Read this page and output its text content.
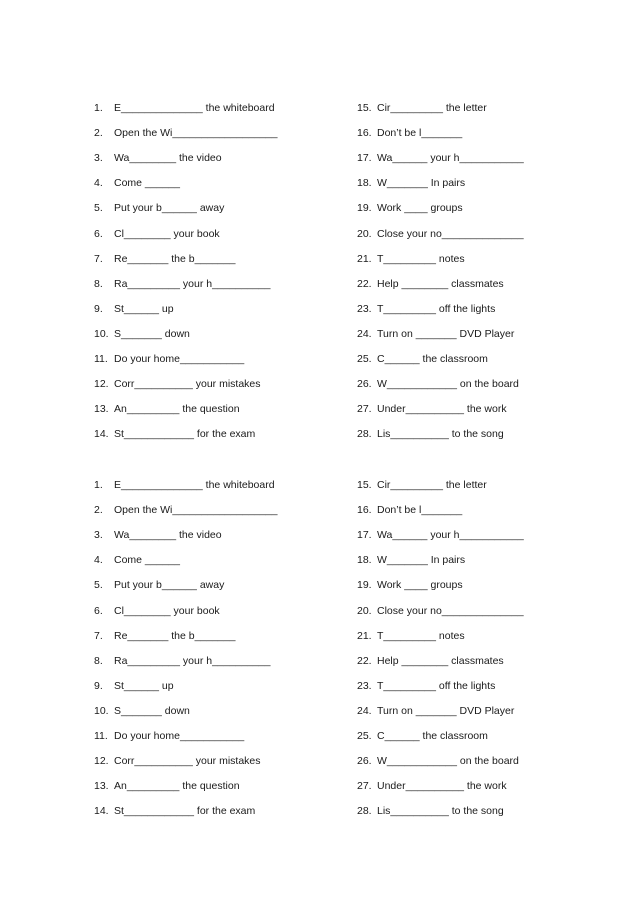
1. E______________ the whiteboard
2. Open the Wi__________________
3. Wa________ the video
4. Come ______
5. Put your b______ away
6. Cl________ your book
7. Re_______ the b_______
8. Ra_________ your h__________
9. St______ up
10. S_______ down
11. Do your home___________
12. Corr__________ your mistakes
13. An_________ the question
14. St____________ for the exam
15. Cir_________ the letter
16. Don’t be l_______
17. Wa______ your h___________
18. W_______ In pairs
19. Work ____ groups
20. Close your no______________
21. T_________ notes
22. Help ________ classmates
23. T_________ off the lights
24. Turn on _______ DVD Player
25. C______ the classroom
26. W____________ on the board
27. Under__________ the work
28. Lis__________ to the song
1. E______________ the whiteboard
2. Open the Wi__________________
3. Wa________ the video
4. Come ______
5. Put your b______ away
6. Cl________ your book
7. Re_______ the b_______
8. Ra_________ your h__________
9. St______ up
10. S_______ down
11. Do your home___________
12. Corr__________ your mistakes
13. An_________ the question
14. St____________ for the exam
15. Cir_________ the letter
16. Don’t be l_______
17. Wa______ your h___________
18. W_______ In pairs
19. Work ____ groups
20. Close your no______________
21. T_________ notes
22. Help ________ classmates
23. T_________ off the lights
24. Turn on _______ DVD Player
25. C______ the classroom
26. W____________ on the board
27. Under__________ the work
28. Lis__________ to the song
